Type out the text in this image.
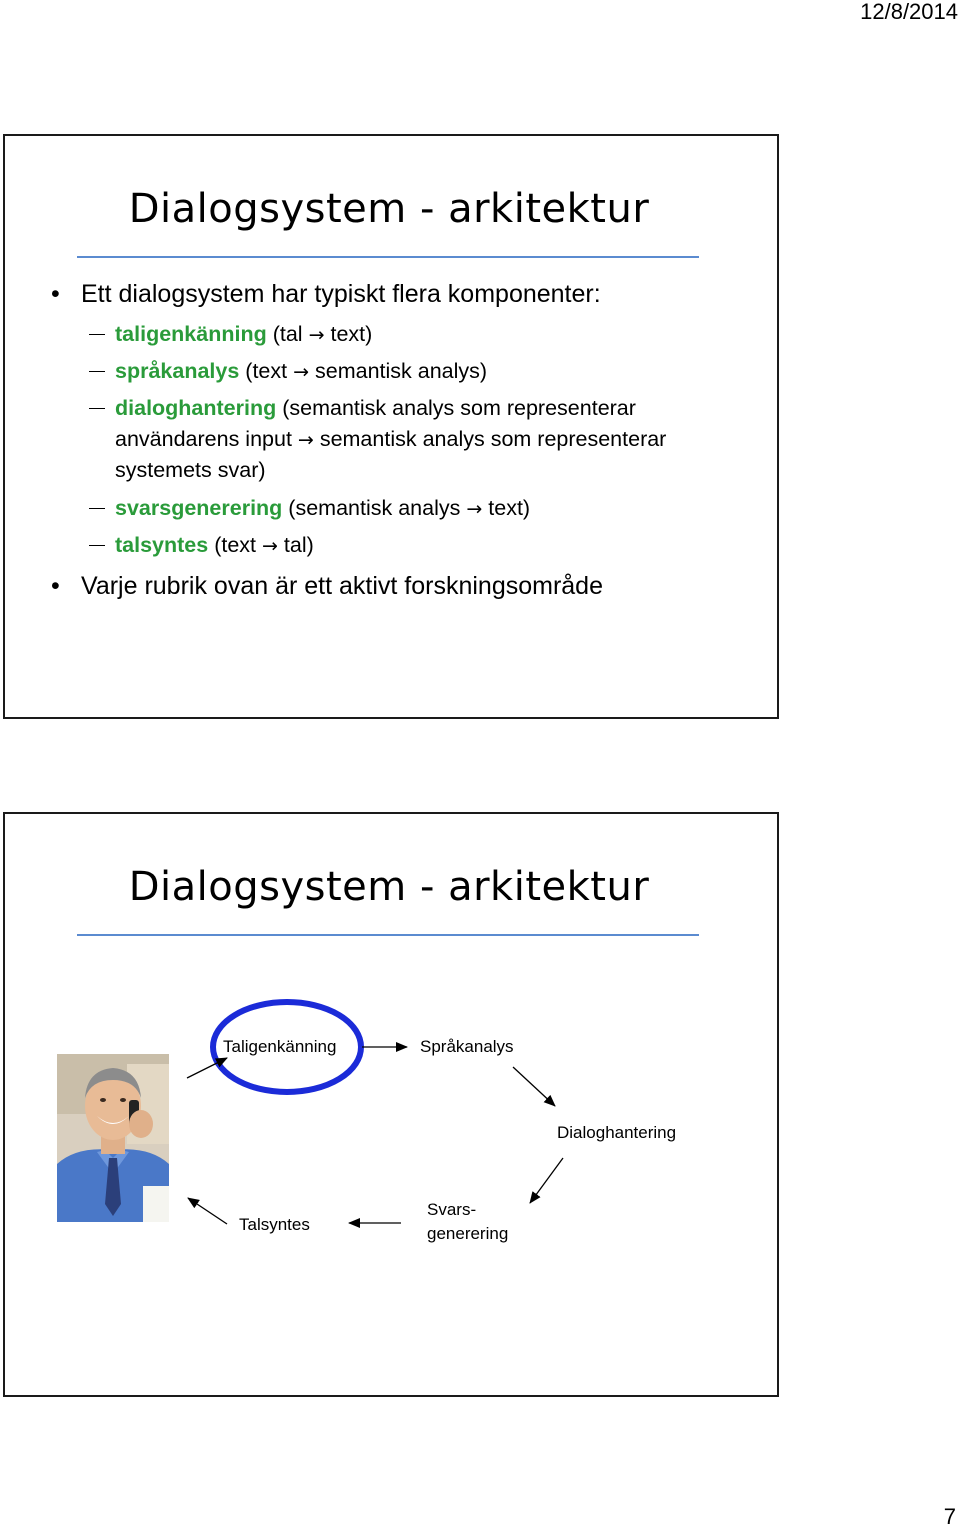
12/8/2014
Dialogsystem - arkitektur
• Ett dialogsystem har typiskt flera komponenter:
taligenkänning (tal → text)
språkanalys (text → semantisk analys)
dialoghantering (semantisk analys som representerar
användarens input → semantisk analys som representerar
systemets svar)
svarsgenerering (semantisk analys → text)
talsyntes (text → tal)
• Varje rubrik ovan är ett aktivt forskningsområde
Dialogsystem - arkitektur
Taligenkänning	Språkanalys
Dialoghantering
Svars-
generering
Talsyntes
7
